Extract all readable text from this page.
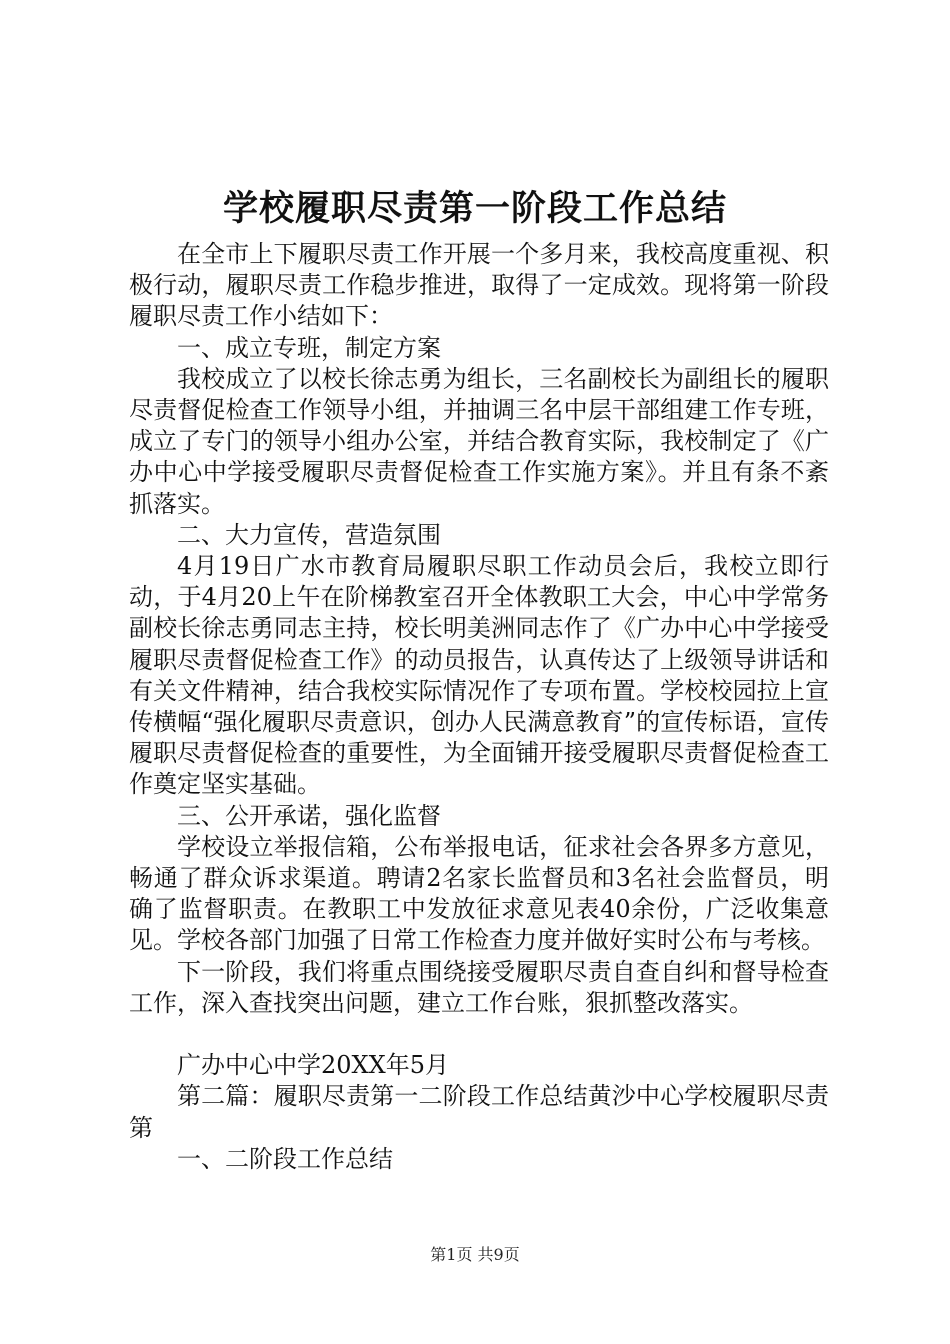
学校履职尽责第一阶段工作总结

在全市上下履职尽责工作开展一个多月来，我校高度重视、积极行动，履职尽责工作稳步推进，取得了一定成效。现将第一阶段履职尽责工作小结如下：

一、成立专班，制定方案

我校成立了以校长徐志勇为组长，三名副校长为副组长的履职尽责督促检查工作领导小组，并抽调三名中层干部组建工作专班，成立了专门的领导小组办公室，并结合教育实际，我校制定了《广办中心中学接受履职尽责督促检查工作实施方案》。并且有条不紊抓落实。

二、大力宣传，营造氛围

4月19日广水市教育局履职尽职工作动员会后，我校立即行动，于4月20上午在阶梯教室召开全体教职工大会，中心中学常务副校长徐志勇同志主持，校长明美洲同志作了《广办中心中学接受履职尽责督促检查工作》的动员报告，认真传达了上级领导讲话和有关文件精神，结合我校实际情况作了专项布置。学校校园拉上宣传横幅“强化履职尽责意识，创办人民满意教育”的宣传标语，宣传履职尽责督促检查的重要性，为全面铺开接受履职尽责督促检查工作奠定坚实基础。

三、公开承诺，强化监督

学校设立举报信箱，公布举报电话，征求社会各界多方意见，畅通了群众诉求渠道。聘请2名家长监督员和3名社会监督员，明确了监督职责。在教职工中发放征求意见表40余份，广泛收集意见。学校各部门加强了日常工作检查力度并做好实时公布与考核。

下一阶段，我们将重点围绕接受履职尽责自查自纠和督导检查工作，深入查找突出问题，建立工作台账，狠抓整改落实。

广办中心中学20XX年5月

第二篇：履职尽责第一二阶段工作总结黄沙中心学校履职尽责第

一、二阶段工作总结

第1页 共9页
